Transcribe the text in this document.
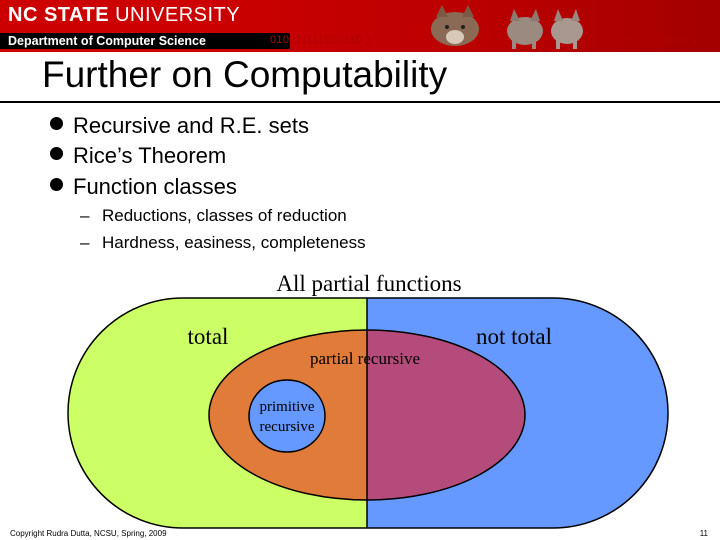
NC STATE UNIVERSITY
Department of Computer Science	010011111010110 1	010101010101010 1
Further on Computability
Recursive and R.E. sets
Rice’s Theorem
Function classes
– Reductions, classes of reduction
– Hardness, easiness, completeness
All partial functions
total	not total
partial recursive
primitive
recursive
Copyright Rudra Dutta, NCSU, Spring, 2009	11
